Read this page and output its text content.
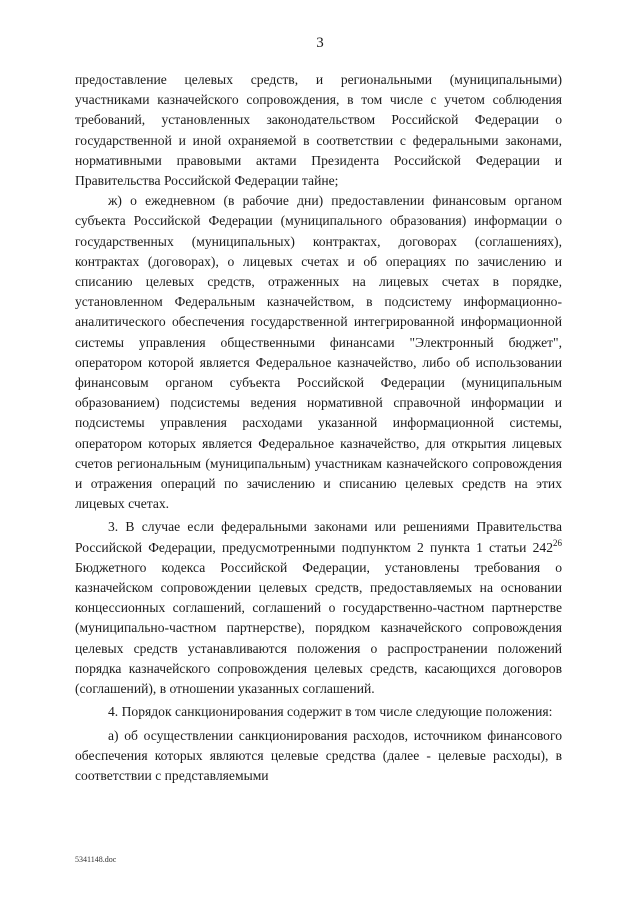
3

предоставление целевых средств, и региональными (муниципальными) участниками казначейского сопровождения, в том числе с учетом соблюдения требований, установленных законодательством Российской Федерации о государственной и иной охраняемой в соответствии с федеральными законами, нормативными правовыми актами Президента Российской Федерации и Правительства Российской Федерации тайне;

ж) о ежедневном (в рабочие дни) предоставлении финансовым органом субъекта Российской Федерации (муниципального образования) информации о государственных (муниципальных) контрактах, договорах (соглашениях), контрактах (договорах), о лицевых счетах и об операциях по зачислению и списанию целевых средств, отраженных на лицевых счетах в порядке, установленном Федеральным казначейством, в подсистему информационно-аналитического обеспечения государственной интегрированной информационной системы управления общественными финансами "Электронный бюджет", оператором которой является Федеральное казначейство, либо об использовании финансовым органом субъекта Российской Федерации (муниципальным образованием) подсистемы ведения нормативной справочной информации и подсистемы управления расходами указанной информационной системы, оператором которых является Федеральное казначейство, для открытия лицевых счетов региональным (муниципальным) участникам казначейского сопровождения и отражения операций по зачислению и списанию целевых средств на этих лицевых счетах.

3. В случае если федеральными законами или решениями Правительства Российской Федерации, предусмотренными подпунктом 2 пункта 1 статьи $242^{26}$ Бюджетного кодекса Российской Федерации, установлены требования о казначейском сопровождении целевых средств, предоставляемых на основании концессионных соглашений, соглашений о государственно-частном партнерстве (муниципально-частном партнерстве), порядком казначейского сопровождения целевых средств устанавливаются положения о распространении положений порядка казначейского сопровождения целевых средств, касающихся договоров (соглашений), в отношении указанных соглашений.

4. Порядок санкционирования содержит в том числе следующие положения:

а) об осуществлении санкционирования расходов, источником финансового обеспечения которых являются целевые средства (далее - целевые расходы), в соответствии с представляемыми

5341148.doc
